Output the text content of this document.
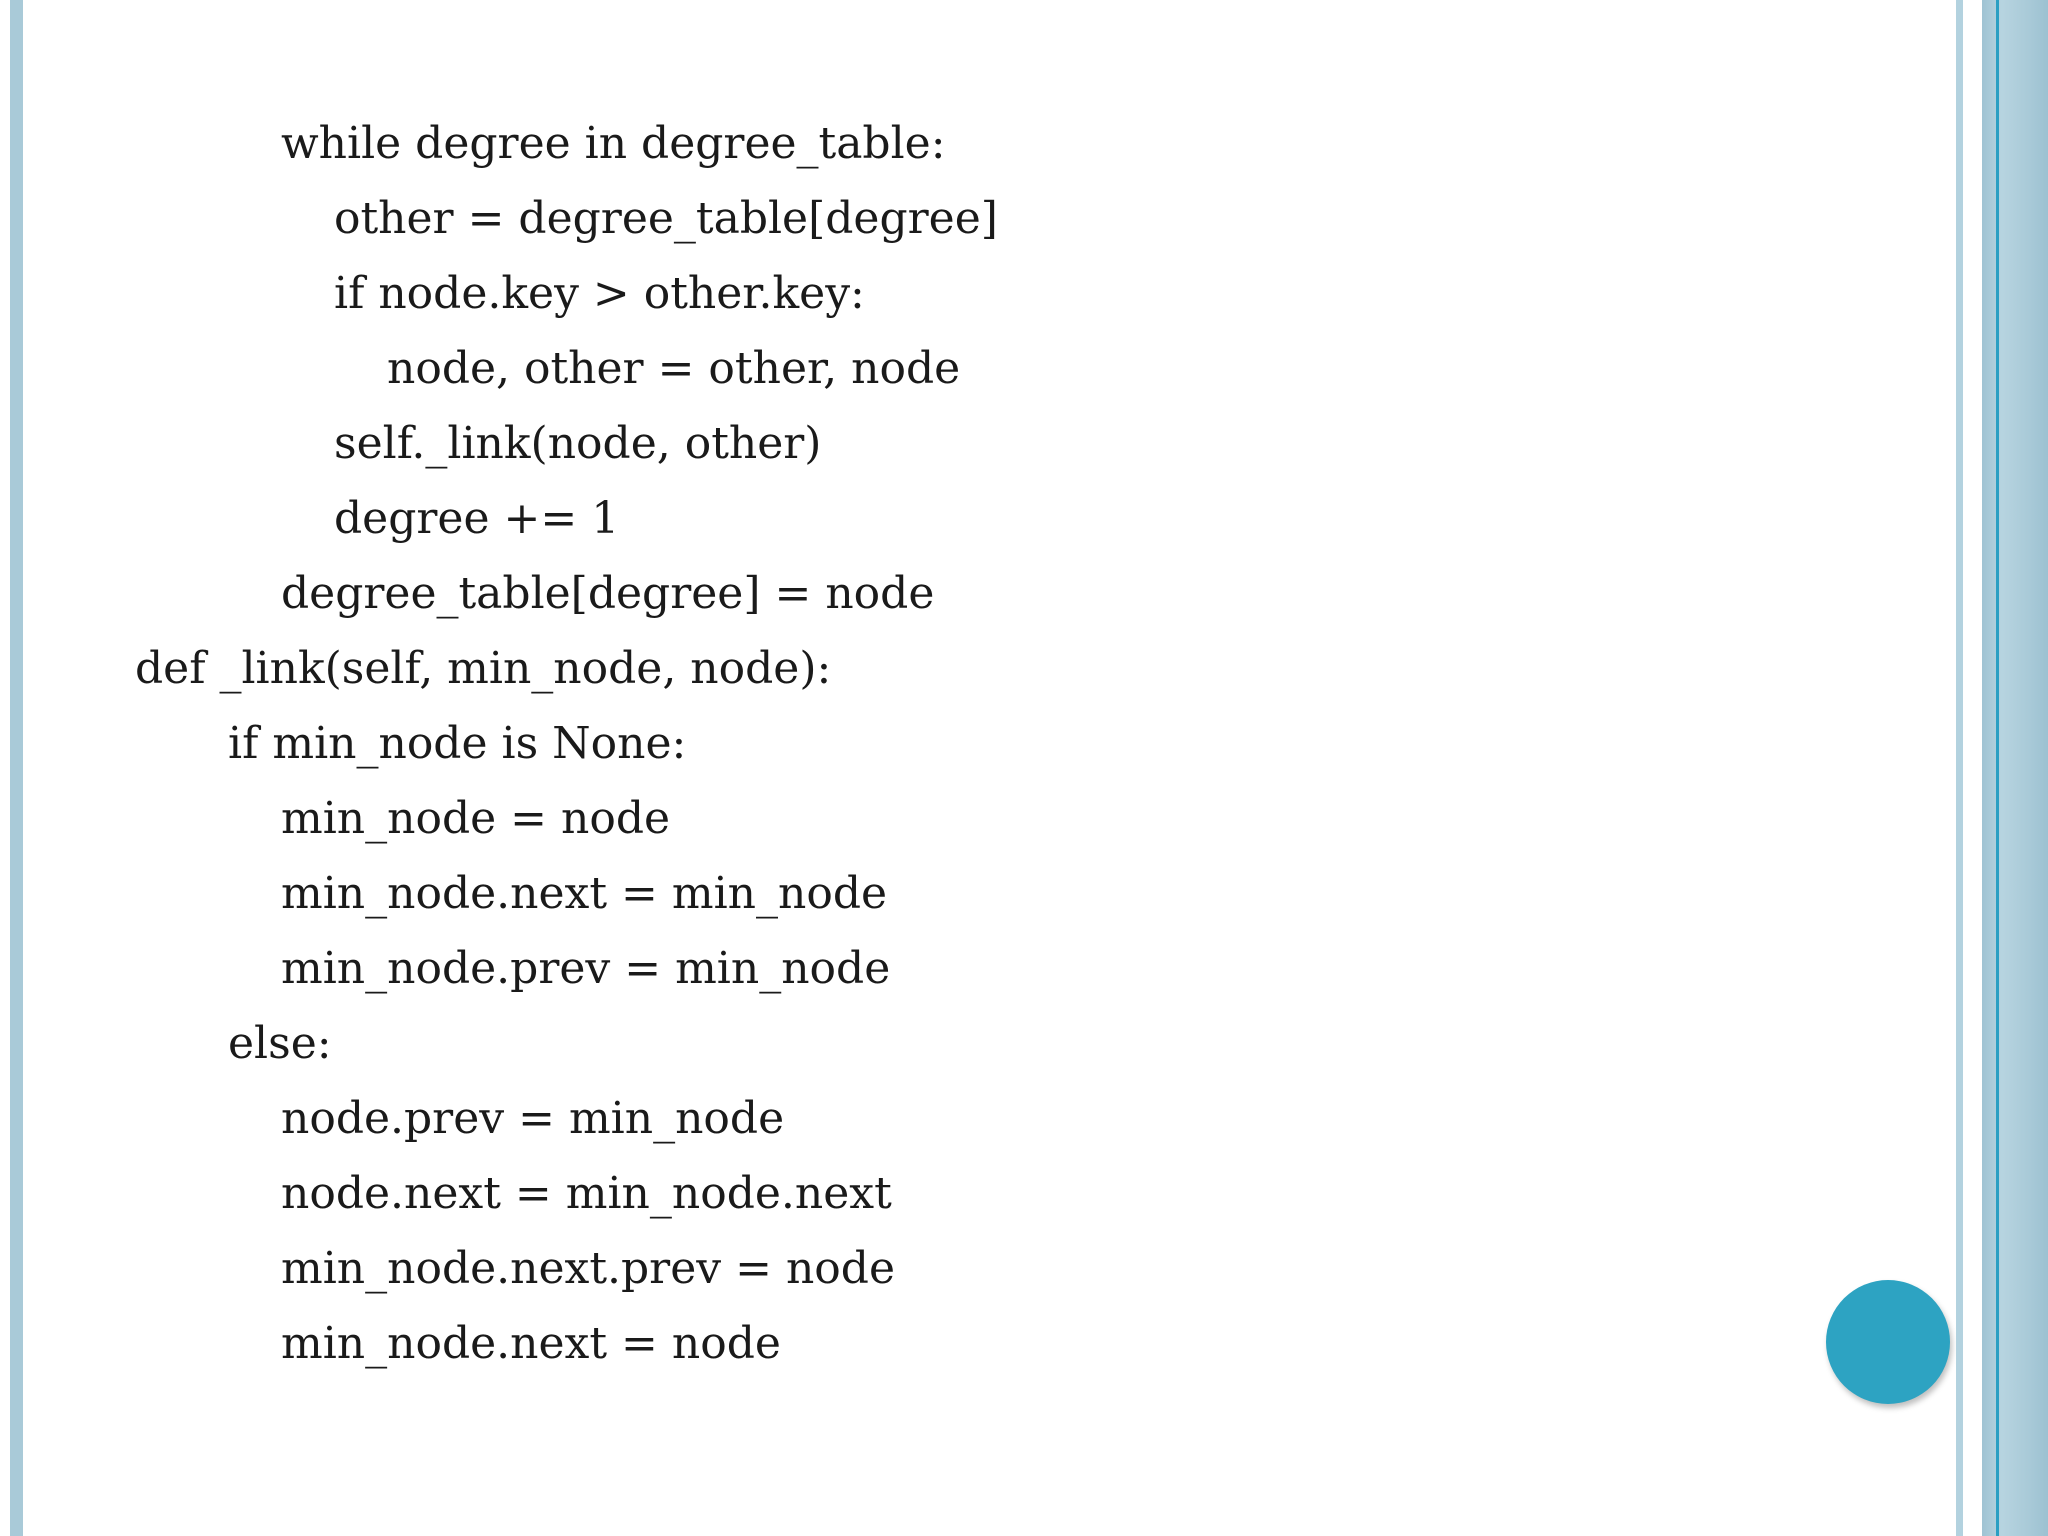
while degree in degree_table:
other = degree_table[degree]
if node.key > other.key:
node, other = other, node
self._link(node, other)
degree += 1
degree_table[degree] = node
def _link(self, min_node, node):
if min_node is None:
min_node = node
min_node.next = min_node
min_node.prev = min_node
else:
node.prev = min_node
node.next = min_node.next
min_node.next.prev = node
min_node.next = node
